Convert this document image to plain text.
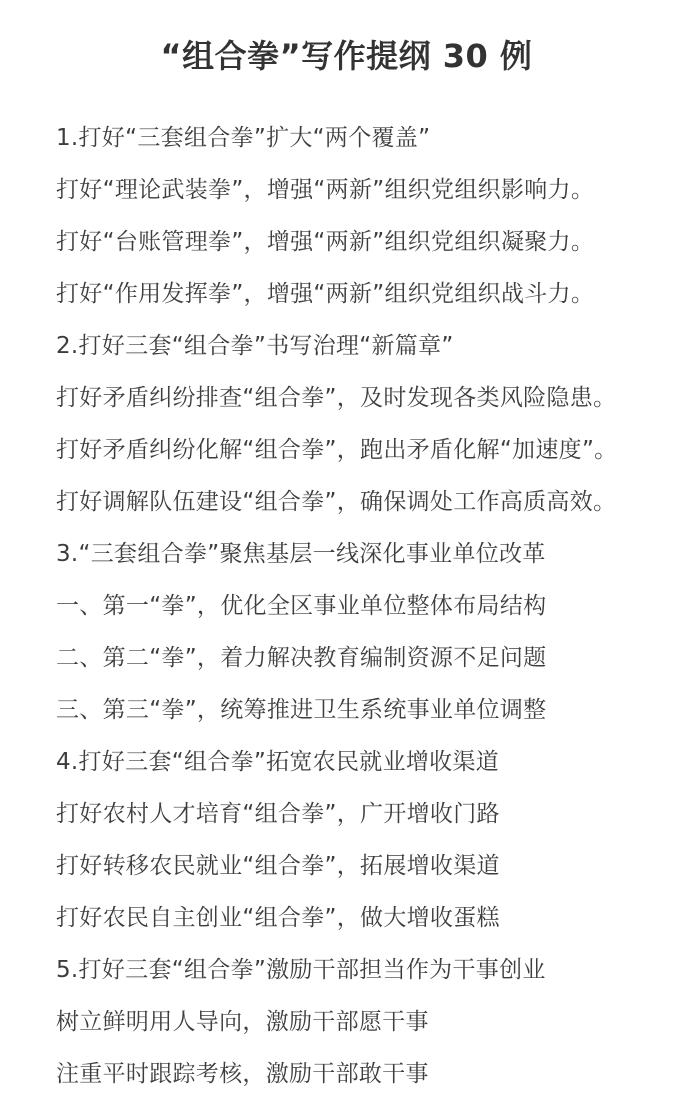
“组合拳”写作提纲 30 例
1.打好“三套组合拳”扩大“两个覆盖”
打好“理论武装拳”，增强“两新”组织党组织影响力。
打好“台账管理拳”，增强“两新”组织党组织凝聚力。
打好“作用发挥拳”，增强“两新”组织党组织战斗力。
2.打好三套“组合拳”书写治理“新篇章”
打好矛盾纠纷排查“组合拳”，及时发现各类风险隐患。
打好矛盾纠纷化解“组合拳”，跑出矛盾化解“加速度”。
打好调解队伍建设“组合拳”，确保调处工作高质高效。
3.“三套组合拳”聚焦基层一线深化事业单位改革
一、第一“拳”，优化全区事业单位整体布局结构
二、第二“拳”，着力解决教育编制资源不足问题
三、第三“拳”，统筹推进卫生系统事业单位调整
4.打好三套“组合拳”拓宽农民就业增收渠道
打好农村人才培育“组合拳”，广开增收门路
打好转移农民就业“组合拳”，拓展增收渠道
打好农民自主创业“组合拳”，做大增收蛋糕
5.打好三套“组合拳”激励干部担当作为干事创业
树立鲜明用人导向，激励干部愿干事
注重平时跟踪考核，激励干部敢干事
